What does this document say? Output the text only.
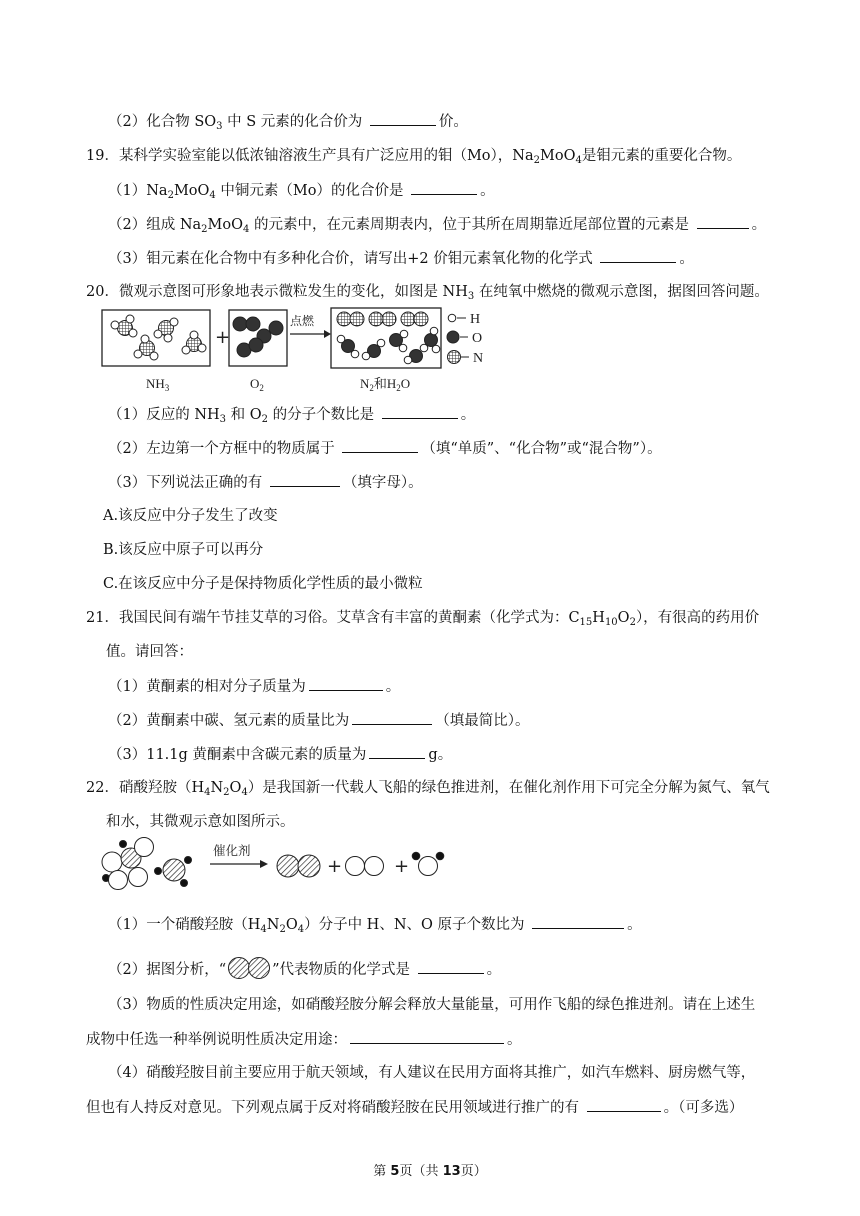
（2）化合物 $SO_3$ 中 S 元素的化合价为	价。
19．某科学实验室能以低浓铀溶液生产具有广泛应用的钼（Mo），$Na_2MoO_4$是钼元素的重要化合物。
$(1)Na_2MoO_4$ 中铜元素（Mo）的化合价是	。
（2）组成 $Na_2MoO_4$ 的元素中，在元素周期表内，位于其所在周期靠近尾部位置的元素是	。
（3）钼元素在化合物中有多种化合价，请写出+2 价钼元素氧化物的化学式	。
20．微观示意图可形象地表示微粒发生的变化，如图是 $NH_3$ 在纯氧中燃烧的微观示意图，据图回答问题。
+
点燃	H
O
N
$NH_3$	$O_2$	$N_2$和$H_2O$
（1）反应的 $NH_3$ 和 $O_2$ 的分子个数比是	。
（2）左边第一个方框中的物质属于	（填“单质”、“化合物”或“混合物”）。
（3）下列说法正确的有	（填字母）。
A.该反应中分子发生了改变
B.该反应中原子可以再分
C.在该反应中分子是保持物质化学性质的最小微粒
21．我国民间有端午节挂艾草的习俗。艾草含有丰富的黄酮素（化学式为：$C_{15}H_{10}O_2$），有很高的药用价
值。请回答：
（1）黄酮素的相对分子质量为	。
（2）黄酮素中碳、氢元素的质量比为	（填最简比）。
（3）11.1g 黄酮素中含碳元素的质量为	g。
22．硝酸羟胺$(H_4N_2O_4)$是我国新一代载人飞船的绿色推进剂，在催化剂作用下可完全分解为氮气、氧气
和水，其微观示意如图所示。
催化剂
+	+
（1）一个硝酸羟胺$(H_4N_2O_4)$分子中 H、N、O 原子个数比为	。
（2）据图分析，“	”代表物质的化学式是	。
（3）物质的性质决定用途，如硝酸羟胺分解会释放大量能量，可用作飞船的绿色推进剂。请在上述生
成物中任选一种举例说明性质决定用途：	。
（4）硝酸羟胺目前主要应用于航天领域，有人建议在民用方面将其推广，如汽车燃料、厨房燃气等，
但也有人持反对意见。下列观点属于反对将硝酸羟胺在民用领域进行推广的有	。（可多选）
第 5页（共 13页）
